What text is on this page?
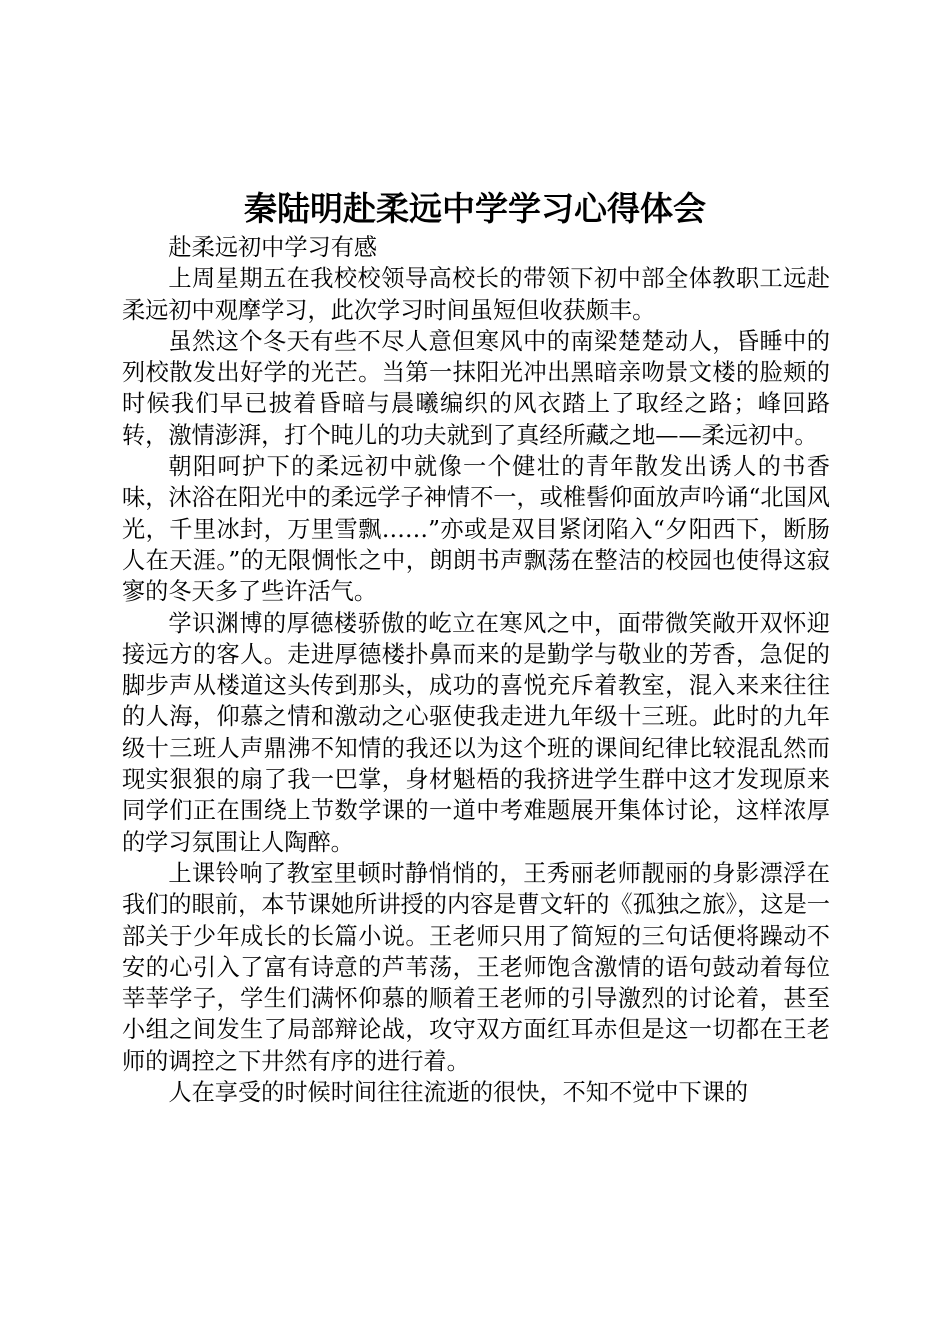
秦陆明赴柔远中学学习心得体会

赴柔远初中学习有感

上周星期五在我校校领导高校长的带领下初中部全体教职工远赴柔远初中观摩学习，此次学习时间虽短但收获颇丰。

虽然这个冬天有些不尽人意但寒风中的南梁楚楚动人，昏睡中的列校散发出好学的光芒。当第一抹阳光冲出黑暗亲吻景文楼的脸颊的时候我们早已披着昏暗与晨曦编织的风衣踏上了取经之路；峰回路转，激情澎湃，打个盹儿的功夫就到了真经所藏之地——柔远初中。

朝阳呵护下的柔远初中就像一个健壮的青年散发出诱人的书香味，沐浴在阳光中的柔远学子神情不一，或椎髻仰面放声吟诵“北国风光，千里冰封，万里雪飘……”亦或是双目紧闭陷入“夕阳西下，断肠人在天涯。”的无限惆怅之中，朗朗书声飘荡在整洁的校园也使得这寂寥的冬天多了些许活气。

学识渊博的厚德楼骄傲的屹立在寒风之中，面带微笑敞开双怀迎接远方的客人。走进厚德楼扑鼻而来的是勤学与敬业的芳香，急促的脚步声从楼道这头传到那头，成功的喜悦充斥着教室，混入来来往往的人海，仰慕之情和激动之心驱使我走进九年级十三班。此时的九年级十三班人声鼎沸不知情的我还以为这个班的课间纪律比较混乱然而现实狠狠的扇了我一巴掌，身材魁梧的我挤进学生群中这才发现原来同学们正在围绕上节数学课的一道中考难题展开集体讨论，这样浓厚的学习氛围让人陶醉。

上课铃响了教室里顿时静悄悄的，王秀丽老师靓丽的身影漂浮在我们的眼前，本节课她所讲授的内容是曹文轩的《孤独之旅》，这是一部关于少年成长的长篇小说。王老师只用了简短的三句话便将躁动不安的心引入了富有诗意的芦苇荡，王老师饱含激情的语句鼓动着每位莘莘学子，学生们满怀仰慕的顺着王老师的引导激烈的讨论着，甚至小组之间发生了局部辩论战，攻守双方面红耳赤但是这一切都在王老师的调控之下井然有序的进行着。

人在享受的时候时间往往流逝的很快，不知不觉中下课的
